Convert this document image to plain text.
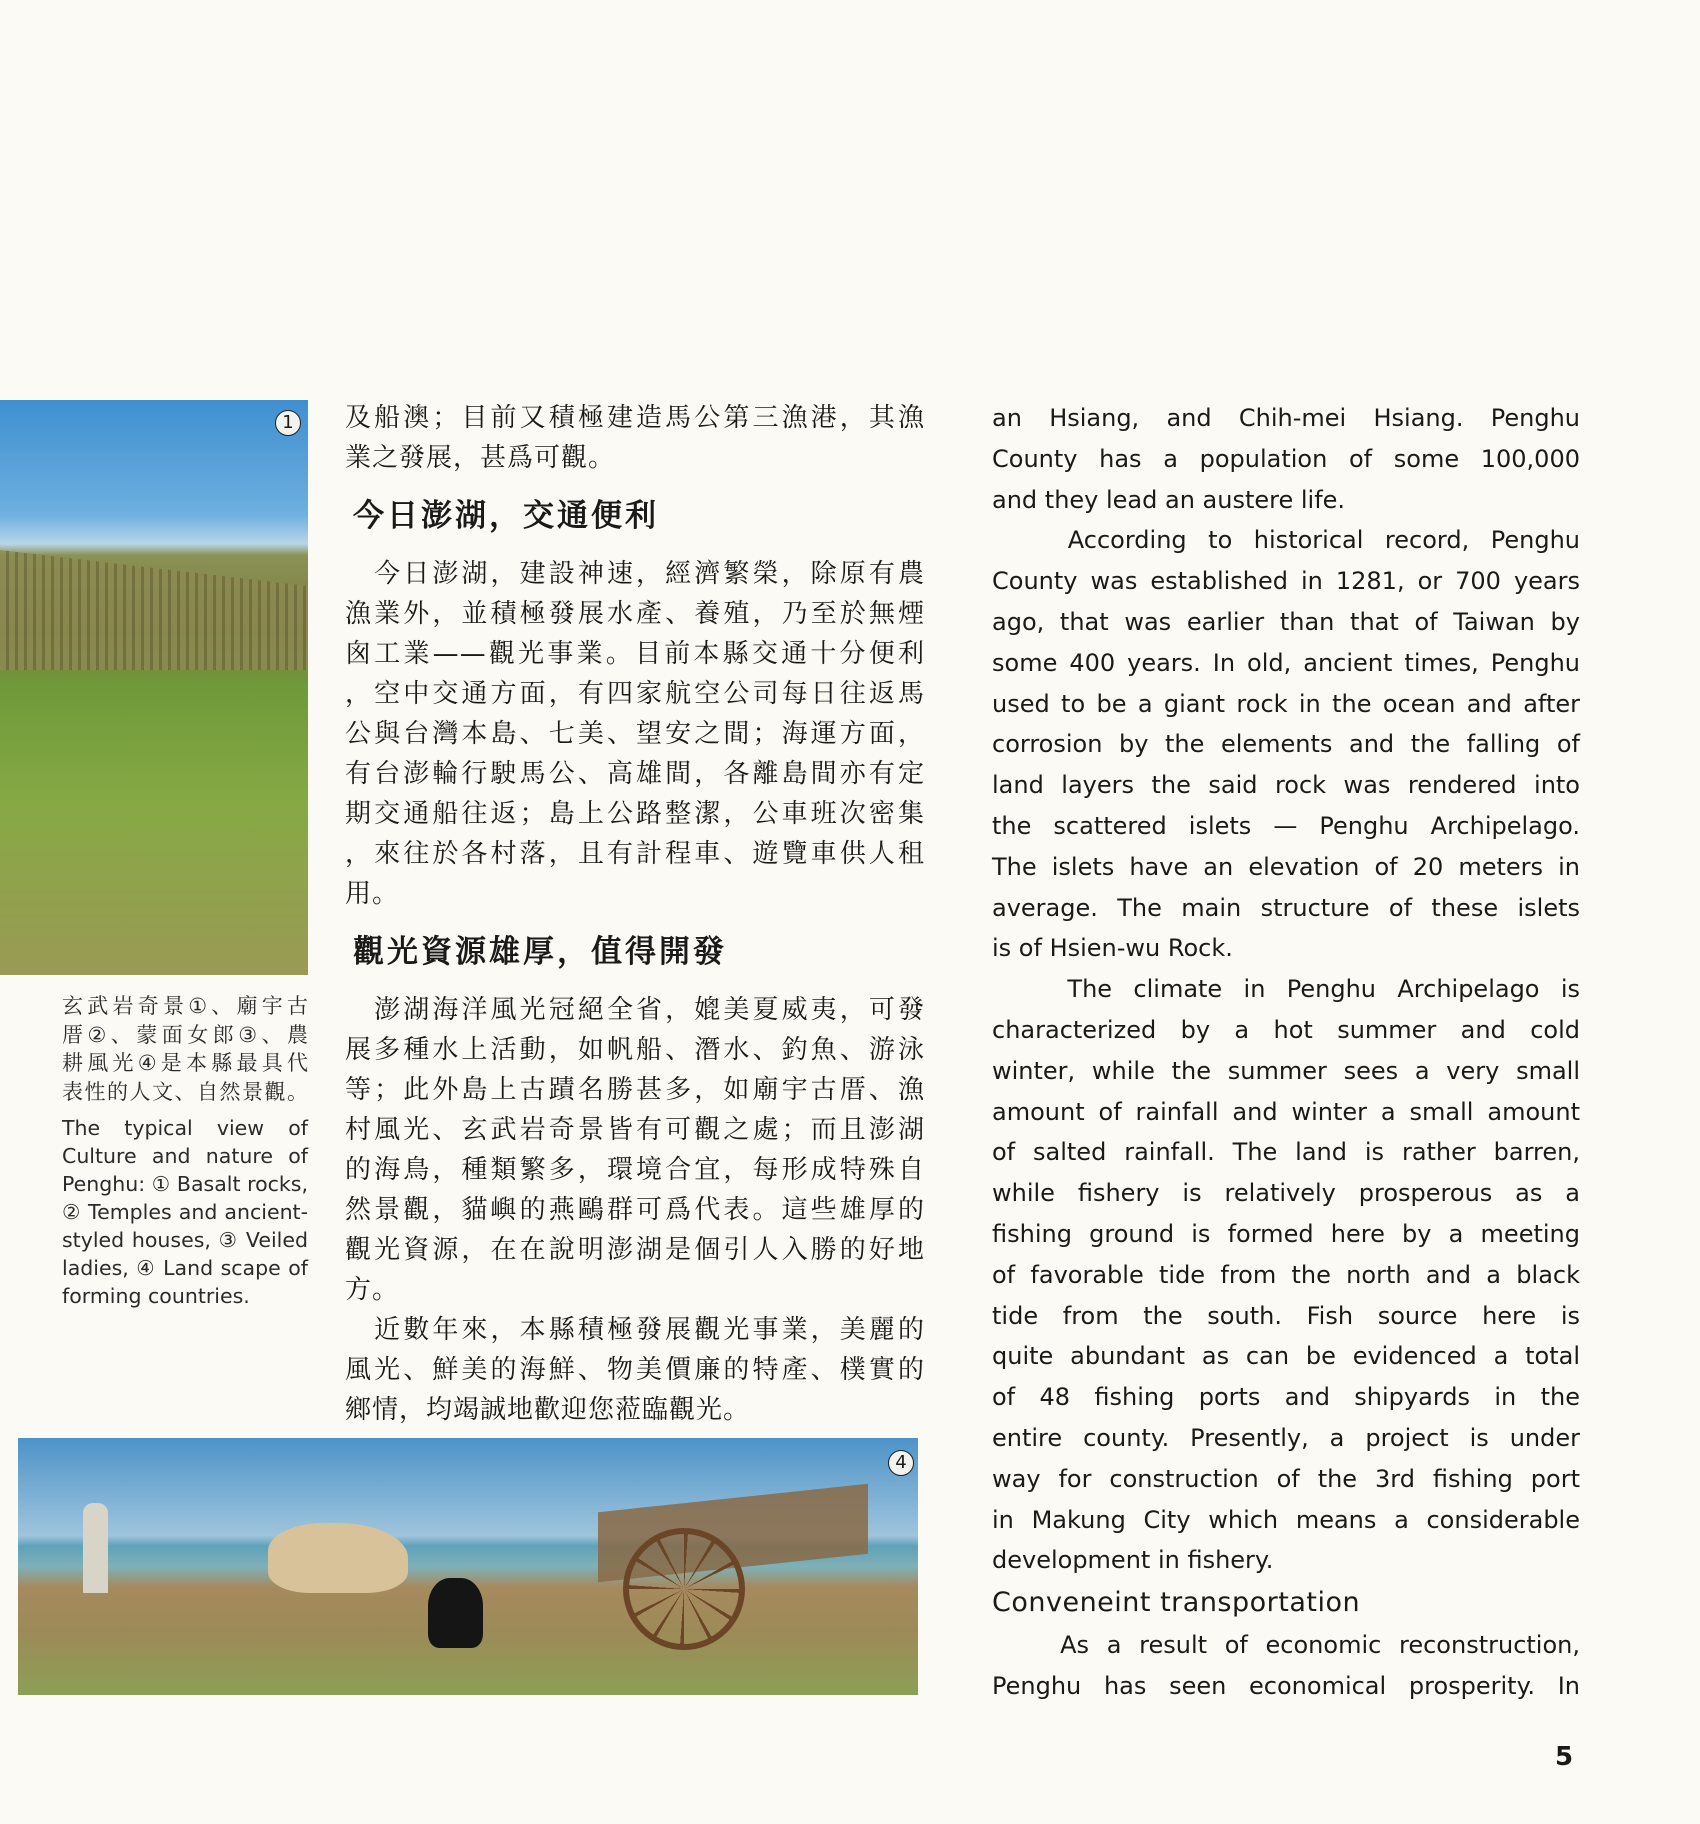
1
玄武岩奇景①、廟宇古
厝②、蒙面女郎③、農
耕風光④是本縣最具代
表性的人文、自然景觀。
The typical view of Culture and nature of Penghu: ① Basalt rocks, ② Temples and ancient-styled houses, ③ Veiled ladies, ④ Land scape of forming countries.
及船澳；目前又積極建造馬公第三漁港，其漁
業之發展，甚爲可觀。
今日澎湖，交通便利
　今日澎湖，建設神速，經濟繁榮，除原有農
漁業外，並積極發展水產、養殖，乃至於無煙
囪工業——觀光事業。目前本縣交通十分便利
，空中交通方面，有四家航空公司每日往返馬
公與台灣本島、七美、望安之間；海運方面，
有台澎輪行駛馬公、高雄間，各離島間亦有定
期交通船往返；島上公路整潔，公車班次密集
，來往於各村落，且有計程車、遊覽車供人租
用。
觀光資源雄厚，值得開發
　澎湖海洋風光冠絕全省，媲美夏威夷，可發
展多種水上活動，如帆船、潛水、釣魚、游泳
等；此外島上古蹟名勝甚多，如廟宇古厝、漁
村風光、玄武岩奇景皆有可觀之處；而且澎湖
的海鳥，種類繁多，環境合宜，每形成特殊自
然景觀，貓嶼的燕鷗群可爲代表。這些雄厚的
觀光資源，在在說明澎湖是個引人入勝的好地
方。
　近數年來，本縣積極發展觀光事業，美麗的
風光、鮮美的海鮮、物美價廉的特產、樸實的
鄉情，均竭誠地歡迎您蒞臨觀光。
4
an Hsiang, and Chih-mei Hsiang. Penghu
County has a population of some 100,000
and they lead an austere life.
　　According to historical record, Penghu
County was established in 1281, or 700 years
ago, that was earlier than that of Taiwan by
some 400 years. In old, ancient times, Penghu
used to be a giant rock in the ocean and after
corrosion by the elements and the falling of
land layers the said rock was rendered into
the scattered islets — Penghu Archipelago.
The islets have an elevation of 20 meters in
average. The main structure of these islets
is of Hsien-wu Rock.
　　The climate in Penghu Archipelago is
characterized by a hot summer and cold
winter, while the summer sees a very small
amount of rainfall and winter a small amount
of salted rainfall. The land is rather barren,
while fishery is relatively prosperous as a
fishing ground is formed here by a meeting
of favorable tide from the north and a black
tide from the south. Fish source here is
quite abundant as can be evidenced a total
of 48 fishing ports and shipyards in the
entire county. Presently, a project is under
way for construction of the 3rd fishing port
in Makung City which means a considerable
development in fishery.
Conveneint transportation
　　As a result of economic reconstruction,
Penghu has seen economical prosperity. In
5
